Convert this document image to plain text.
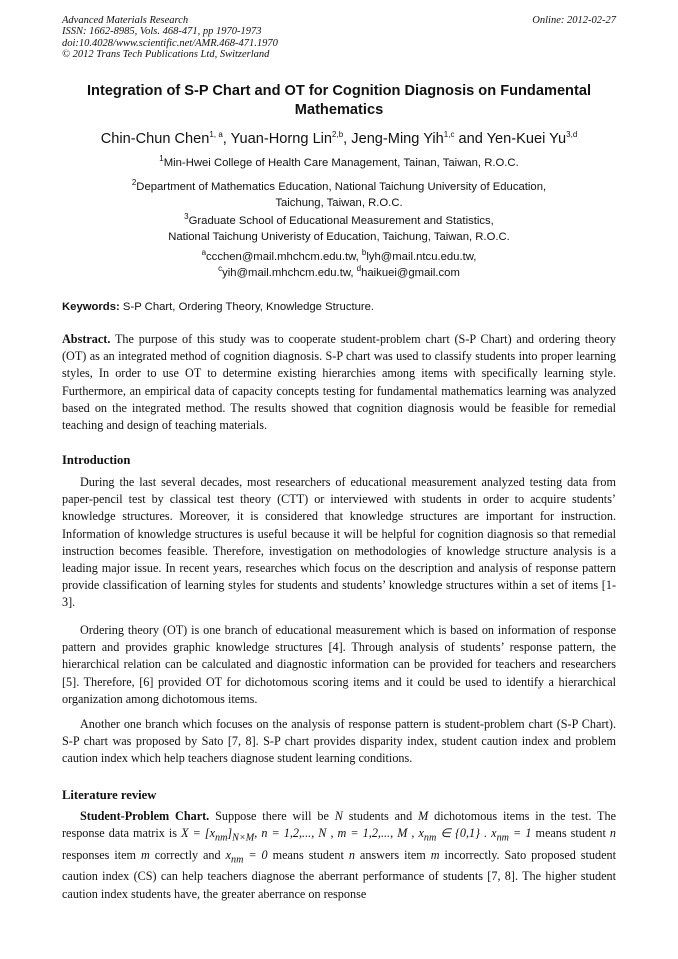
Advanced Materials Research
ISSN: 1662-8985, Vols. 468-471, pp 1970-1973
doi:10.4028/www.scientific.net/AMR.468-471.1970
© 2012 Trans Tech Publications Ltd, Switzerland
Online: 2012-02-27
Integration of S-P Chart and OT for Cognition Diagnosis on Fundamental Mathematics
Chin-Chun Chen$^{1, a}$, Yuan-Horng Lin$^{2,b}$, Jeng-Ming Yih$^{1,c}$ and Yen-Kuei Yu$^{3,d}$
$^1$Min-Hwei College of Health Care Management, Tainan, Taiwan, R.O.C.
$^2$Department of Mathematics Education, National Taichung University of Education,
Taichung, Taiwan, R.O.C.
$^3$Graduate School of Educational Measurement and Statistics,
National Taichung Univeristy of Education, Taichung, Taiwan, R.O.C.
$^a$ccchen@mail.mhchcm.edu.tw, $^b$lyh@mail.ntcu.edu.tw,
$^c$yih@mail.mhchcm.edu.tw, $^d$haikuei@gmail.com
Keywords: S-P Chart, Ordering Theory, Knowledge Structure.
Abstract. The purpose of this study was to cooperate student-problem chart (S-P Chart) and ordering theory (OT) as an integrated method of cognition diagnosis. S-P chart was used to classify students into proper learning styles, In order to use OT to determine existing hierarchies among items with specifically learning style. Furthermore, an empirical data of capacity concepts testing for fundamental mathematics learning was analyzed based on the integrated method. The results showed that cognition diagnosis would be feasible for remedial teaching and design of teaching materials.
Introduction
During the last several decades, most researchers of educational measurement analyzed testing data from paper-pencil test by classical test theory (CTT) or interviewed with students in order to acquire students’ knowledge structures. Moreover, it is considered that knowledge structures are important for instruction. Information of knowledge structures is useful because it will be helpful for cognition diagnosis so that remedial instruction becomes feasible. Therefore, investigation on methodologies of knowledge structure analysis is a leading major issue. In recent years, researches which focus on the description and analysis of response pattern provide classification of learning styles for students and students’ knowledge structures within a set of items [1-3].
Ordering theory (OT) is one branch of educational measurement which is based on information of response pattern and provides graphic knowledge structures [4]. Through analysis of students’ response pattern, the hierarchical relation can be calculated and diagnostic information can be provided for teachers and researchers [5]. Therefore, [6] provided OT for dichotomous scoring items and it could be used to identify a hierarchical organization among dichotomous items.
Another one branch which focuses on the analysis of response pattern is student-problem chart (S-P Chart). S-P chart was proposed by Sato [7, 8]. S-P chart provides disparity index, student caution index and problem caution index which help teachers diagnose student learning conditions.
Literature review
Student-Problem Chart. Suppose there will be N students and M dichotomous items in the test. The response data matrix is $X = [x_{nm}]_{N\times M}$, n = 1,2,..., N , m = 1,2,..., M , $x_{nm}$ ∈ {0,1} . $x_{nm} = 1$ means student n responses item m correctly and $x_{nm} = 0$ means student n answers item m incorrectly. Sato proposed student caution index (CS) can help teachers diagnose the aberrant performance of students [7, 8]. The higher student caution index students have, the greater aberrance on response
